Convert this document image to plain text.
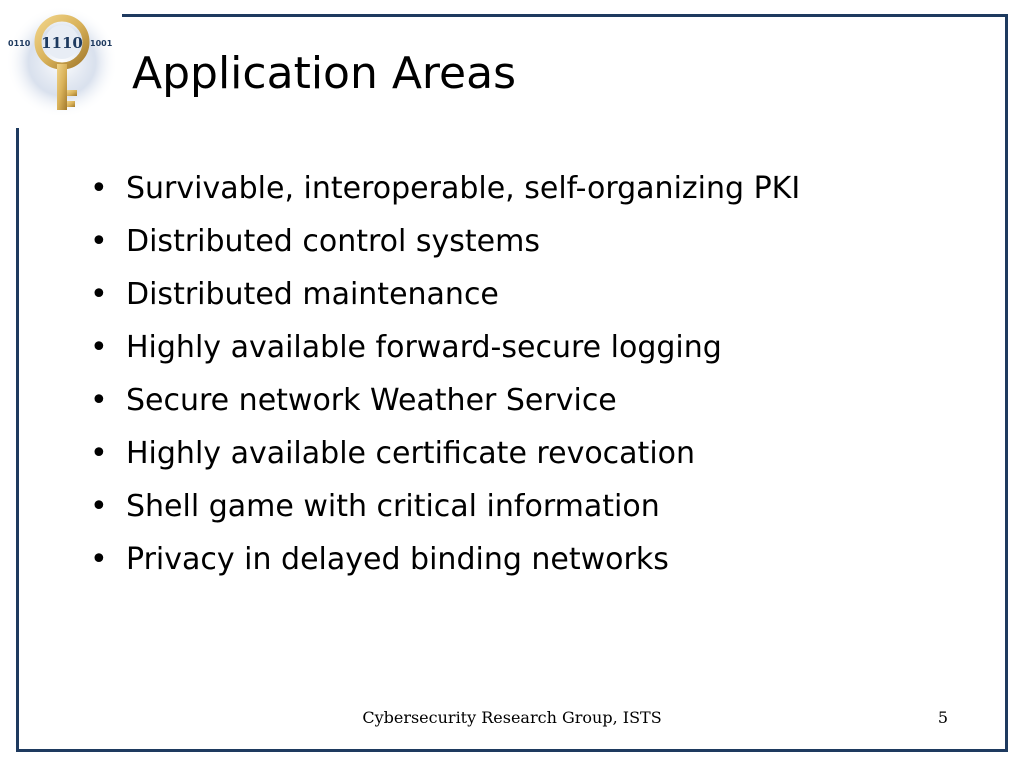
1110
0110	1001
Application Areas
• Survivable, interoperable, self-organizing PKI
• Distributed control systems
• Distributed maintenance
• Highly available forward-secure logging
• Secure network Weather Service
• Highly available certificate revocation
• Shell game with critical information
• Privacy in delayed binding networks
Cybersecurity Research Group, ISTS	5
